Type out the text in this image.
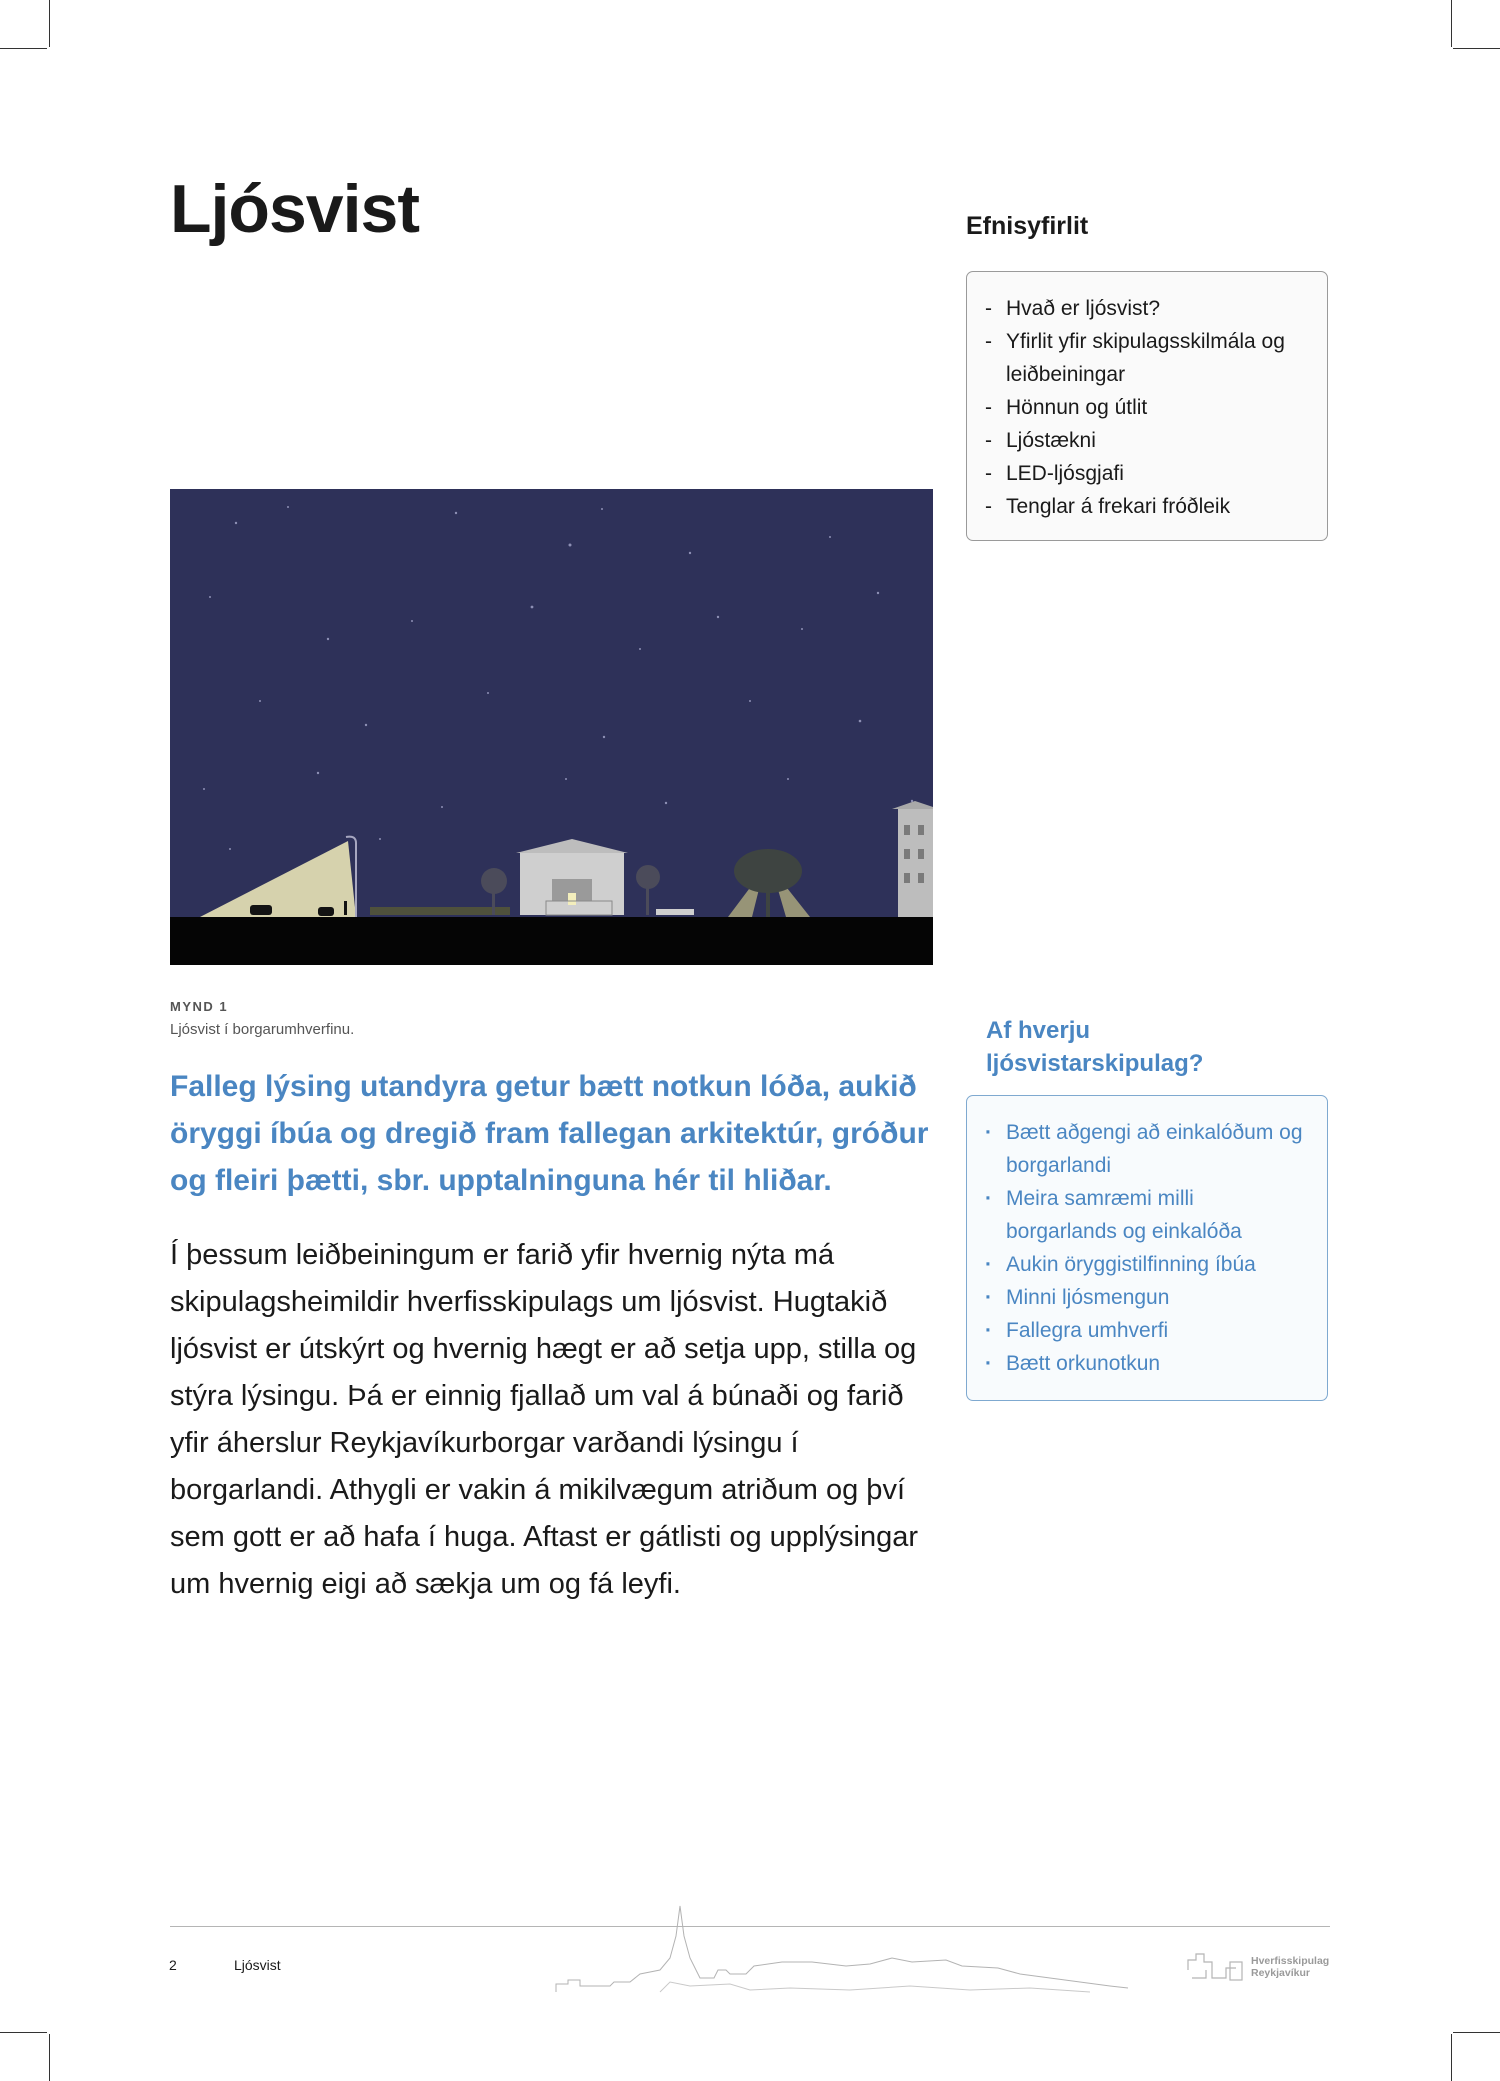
Ljósvist	Efnisyfirlit
- Hvað er ljósvist?
- Yfirlit yfir skipulagsskilmála og leiðbeiningar
- Hönnun og útlit
- Ljóstækni
- LED-ljósgjafi
- Tenglar á frekari fróðleik
MYND 1
Ljósvist í borgarumhverfinu.

Falleg lýsing utandyra getur bætt notkun lóða, aukið öryggi íbúa og dregið fram fallegan arkitektúr, gróður og fleiri þætti, sbr. upptalninguna hér til hliðar.

Í þessum leiðbeiningum er farið yfir hvernig nýta má skipulagsheimildir hverfisskipulags um ljósvist. Hugtakið ljósvist er útskýrt og hvernig hægt er að setja upp, stilla og stýra lýsingu. Þá er einnig fjallað um val á búnaði og farið yfir áherslur Reykjavíkurborgar varðandi lýsingu í borgarlandi. Athygli er vakin á mikilvægum atriðum og því sem gott er að hafa í huga. Aftast er gátlisti og upplýsingar um hvernig eigi að sækja um og fá leyfi.

Af hverju ljósvistarskipulag?
· Bætt aðgengi að einkalóðum og borgarlandi
· Meira samræmi milli borgarlands og einkalóða
· Aukin öryggistilfinning íbúa
· Minni ljósmengun
· Fallegra umhverfi
· Bætt orkunotkun
2	Ljósvist	Hverfisskipulag
Reykjavíkur
